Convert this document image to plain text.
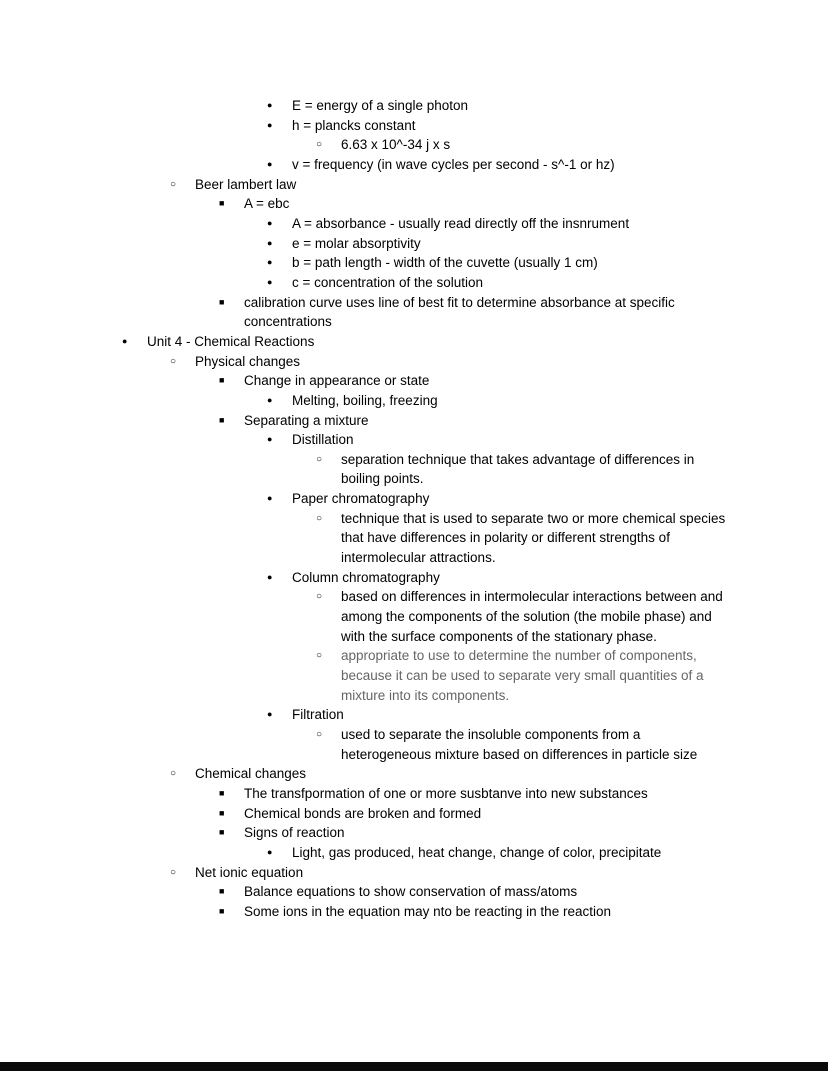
●	E = energy of a single photon
●	h = plancks constant
○	6.63 x 10^-34 j x s
●	v = frequency (in wave cycles per second - s^-1 or hz)
○	Beer lambert law
■	A = ebc
●	A = absorbance - usually read directly off the insnrument
●	e = molar absorptivity
●	b = path length - width of the cuvette (usually 1 cm)
●	c = concentration of the solution
■	calibration curve uses line of best fit to determine absorbance at specific concentrations
●	Unit 4 - Chemical Reactions
○	Physical changes
■	Change in appearance or state
●	Melting, boiling, freezing
■	Separating a mixture
●	Distillation
○	separation technique that takes advantage of differences in boiling points.
●	Paper chromatography
○	technique that is used to separate two or more chemical species that have differences in polarity or different strengths of intermolecular attractions.
●	Column chromatography
○	based on differences in intermolecular interactions between and among the components of the solution (the mobile phase) and with the surface components of the stationary phase.
○	appropriate to use to determine the number of components, because it can be used to separate very small quantities of a mixture into its components.
●	Filtration
○	used to separate the insoluble components from a heterogeneous mixture based on differences in particle size
○	Chemical changes
■	The transfpormation of one or more susbtanve into new substances
■	Chemical bonds are broken and formed
■	Signs of reaction
●	Light, gas produced, heat change, change of color, precipitate
○	Net ionic equation
■	Balance equations to show conservation of mass/atoms
■	Some ions in the equation may nto be reacting in the reaction
